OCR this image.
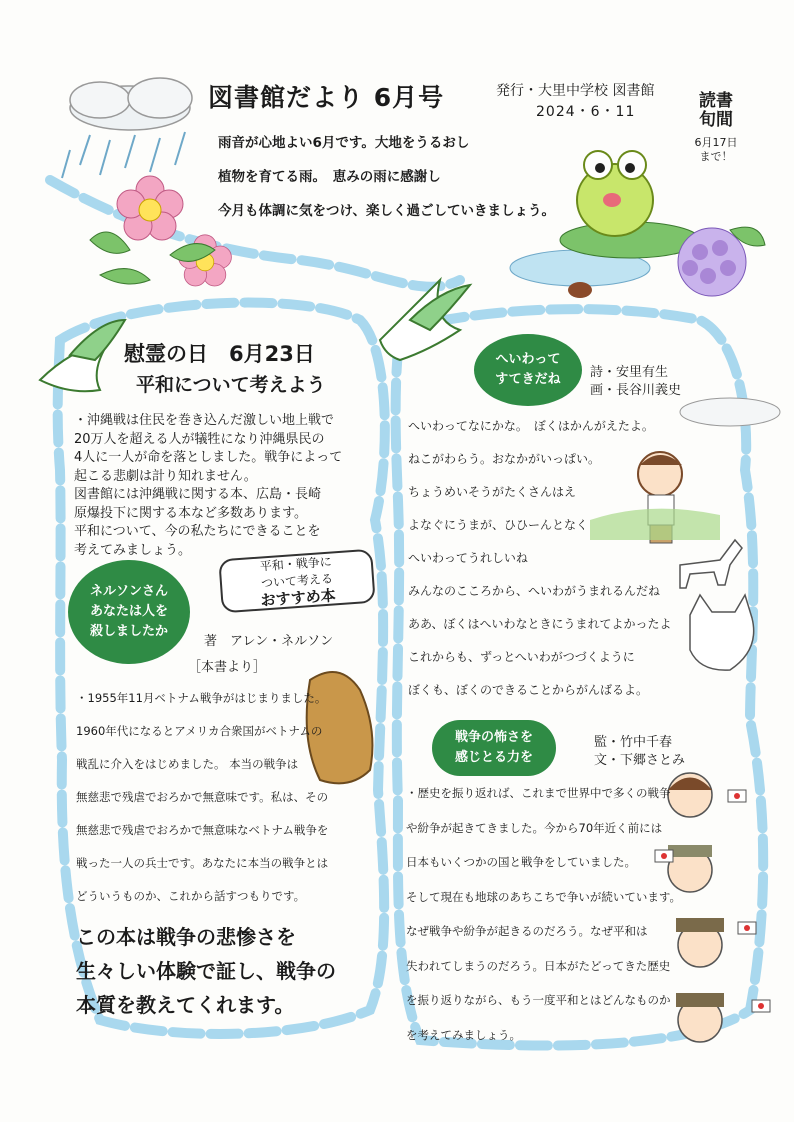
図書館だより 6月号	発行・大里中学校 図書館
2024・6・11
雨音が心地よい6月です。大地をうるおし
植物を育てる雨。　恵みの雨に感謝し
今月も体調に気をつけ、楽しく過ごしていきましょう。
読書
旬間
6月17日
まで！
慰霊の日　6月23日
平和について考えよう
・沖縄戦は住民を巻き込んだ激しい地上戦で
20万人を超える人が犠牲になり沖縄県民の
4人に一人が命を落としました。戦争によって
起こる悲劇は計り知れません。
図書館には沖縄戦に関する本、広島・長崎
原爆投下に関する本など多数あります。
平和について、今の私たちにできることを
考えてみましょう。
平和・戦争に
ついて考える
おすすめ本
ネルソンさん
あなたは人を
殺しましたか
著　アレン・ネルソン
［本書より］
・1955年11月ベトナム戦争がはじまりました。
1960年代になるとアメリカ合衆国がベトナムの
戦乱に介入をはじめました。 本当の戦争は
無慈悲で残虐でおろかで無意味です。私は、その
無慈悲で残虐でおろかで無意味なベトナム戦争を
戦った一人の兵士です。あなたに本当の戦争とは
どういうものか、これから話すつもりです。
この本は戦争の悲惨さを
生々しい体験で証し、戦争の
本質を教えてくれます。
へいわって
すてきだね 詩・安里有生
画・長谷川義史
へいわってなにかな。　ぼくはかんがえたよ。
ねこがわらう。おなかがいっぱい。
ちょうめいそうがたくさんはえ
よなぐにうまが、ひひーんとなく
へいわってうれしいね
みんなのこころから、へいわがうまれるんだね
ああ、ぼくはへいわなときにうまれてよかったよ
これからも、ずっとへいわがつづくように
ぼくも、ぼくのできることからがんばるよ。
戦争の怖さを
感じとる力を
監・竹中千春
文・下郷さとみ
・歴史を振り返れば、これまで世界中で多くの戦争
や紛争が起きてきました。今から70年近く前には
日本もいくつかの国と戦争をしていました。
そして現在も地球のあちこちで争いが続いています。
なぜ戦争や紛争が起きるのだろう。なぜ平和は
失われてしまうのだろう。日本がたどってきた歴史
を振り返りながら、もう一度平和とはどんなものか
を考えてみましょう。
